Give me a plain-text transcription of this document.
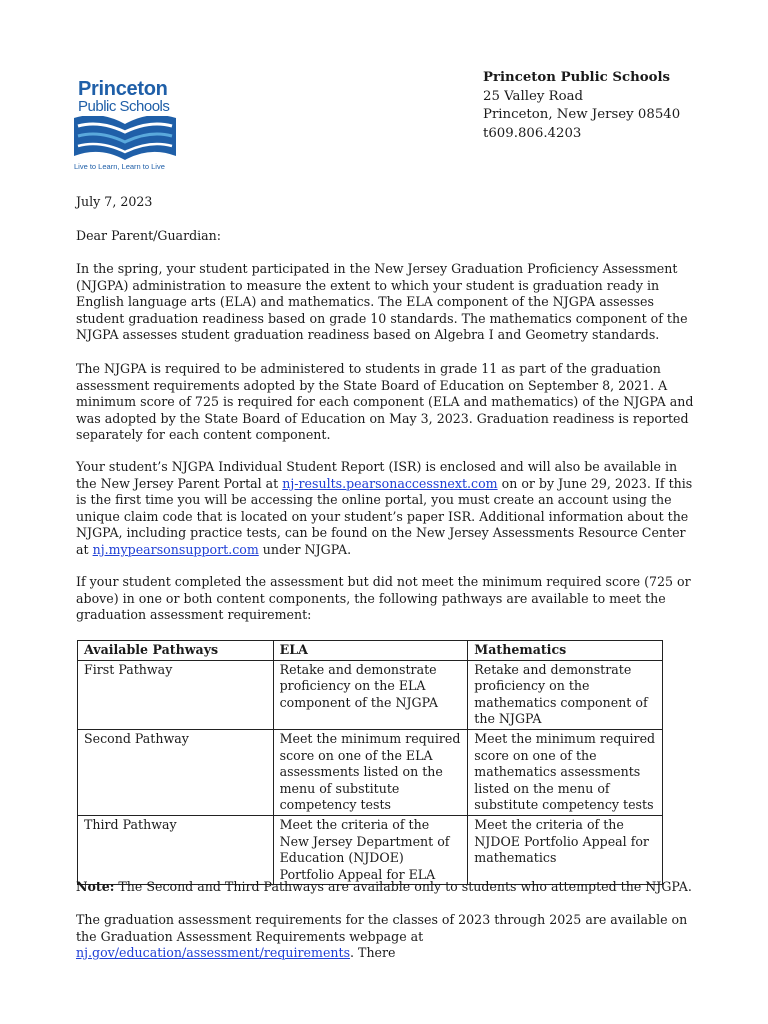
Princeton
Public Schools
Live to Learn, Learn to Live
Princeton Public Schools
25 Valley Road
Princeton, New Jersey 08540
t609.806.4203
July 7, 2023
Dear Parent/Guardian:
In the spring, your student participated in the New Jersey Graduation Proficiency Assessment (NJGPA) administration to measure the extent to which your student is graduation ready in English language arts (ELA) and mathematics. The ELA component of the NJGPA assesses student graduation readiness based on grade 10 standards. The mathematics component of the NJGPA assesses student graduation readiness based on Algebra I and Geometry standards.
The NJGPA is required to be administered to students in grade 11 as part of the graduation assessment requirements adopted by the State Board of Education on September 8, 2021. A minimum score of 725 is required for each component (ELA and mathematics) of the NJGPA and was adopted by the State Board of Education on May 3, 2023. Graduation readiness is reported separately for each content component.
Your student’s NJGPA Individual Student Report (ISR) is enclosed and will also be available in the New Jersey Parent Portal at nj-results.pearsonaccessnext.com on or by June 29, 2023. If this is the first time you will be accessing the online portal, you must create an account using the unique claim code that is located on your student’s paper ISR. Additional information about the NJGPA, including practice tests, can be found on the New Jersey Assessments Resource Center at nj.mypearsonsupport.com under NJGPA.
If your student completed the assessment but did not meet the minimum required score (725 or above) in one or both content components, the following pathways are available to meet the graduation assessment requirement:
Available Pathways	ELA	Mathematics
First Pathway	Retake and demonstrate proficiency on the ELA component of the NJGPA	Retake and demonstrate proficiency on the mathematics component of the NJGPA
Second Pathway	Meet the minimum required score on one of the ELA assessments listed on the menu of substitute competency tests	Meet the minimum required score on one of the mathematics assessments listed on the menu of substitute competency tests
Third Pathway	Meet the criteria of the New Jersey Department of Education (NJDOE) Portfolio Appeal for ELA	Meet the criteria of the NJDOE Portfolio Appeal for mathematics
Note: The Second and Third Pathways are available only to students who attempted the NJGPA.
The graduation assessment requirements for the classes of 2023 through 2025 are available on the Graduation Assessment Requirements webpage at nj.gov/education/assessment/requirements. There
